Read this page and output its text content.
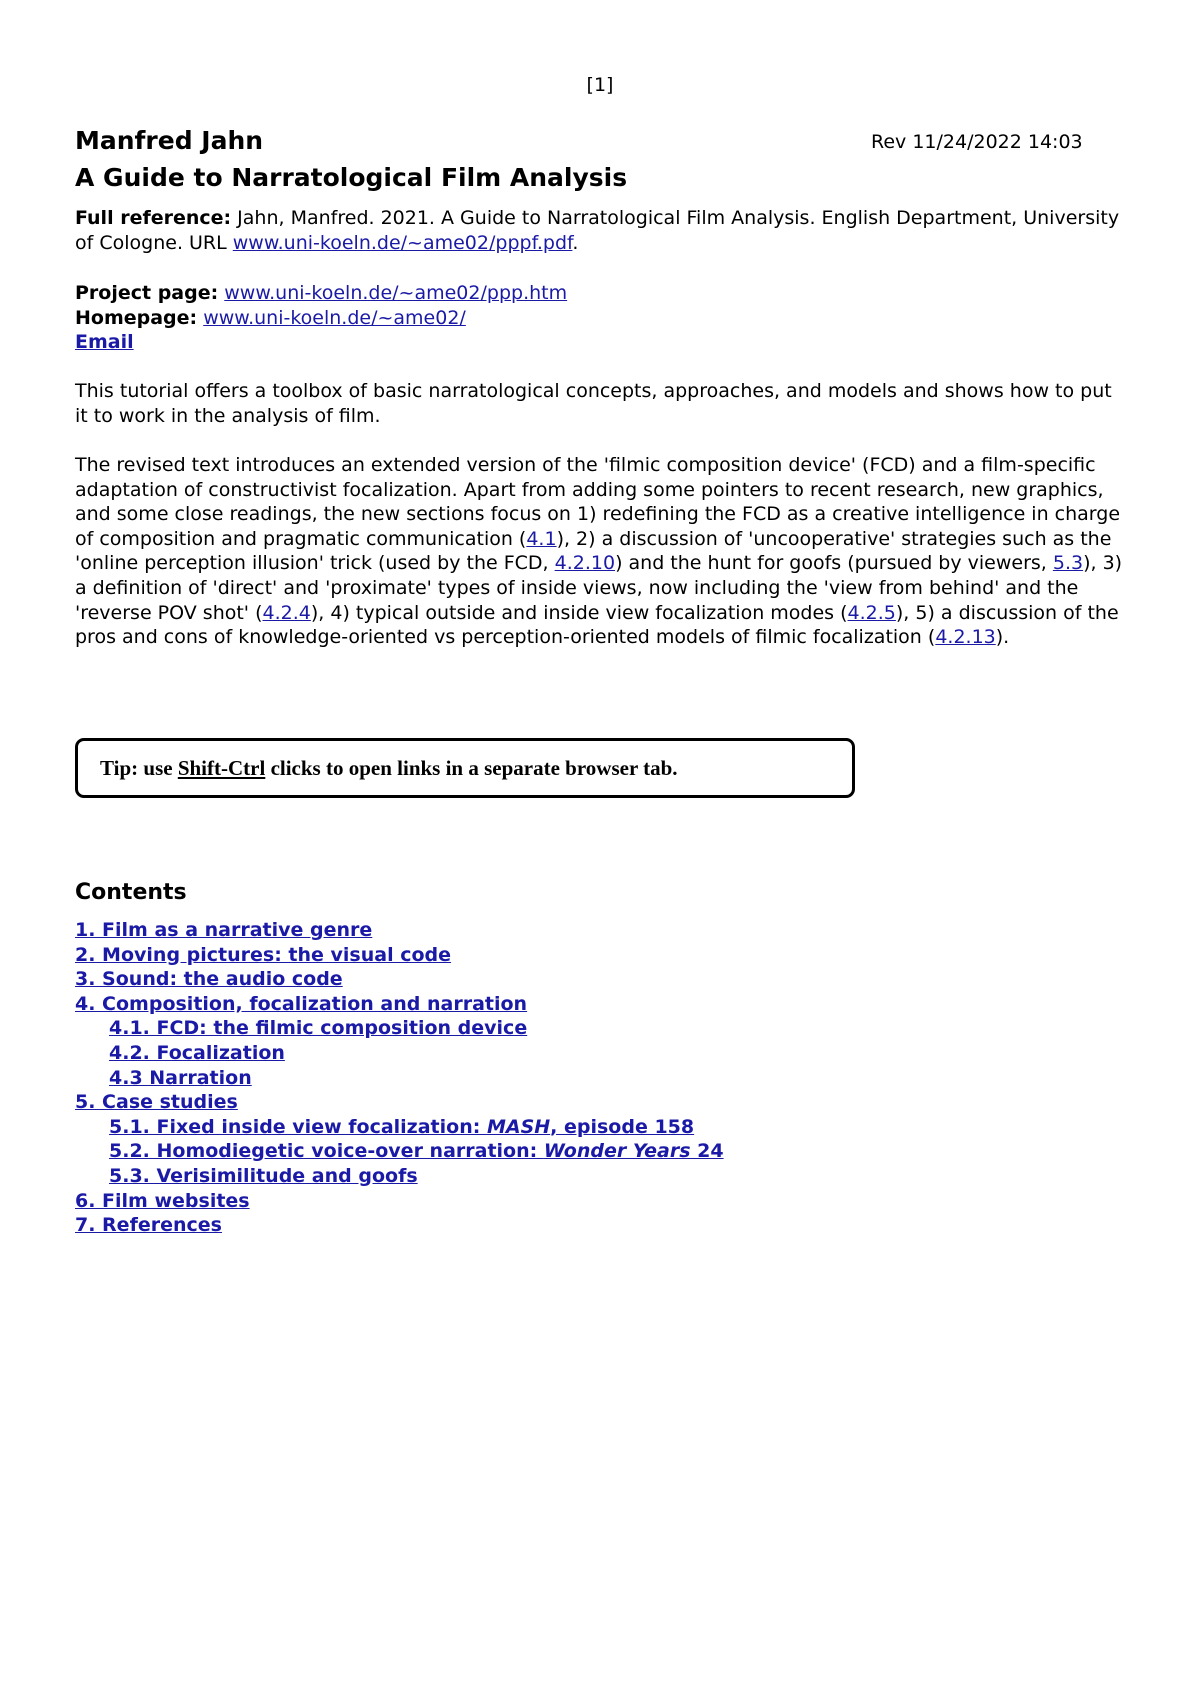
[1]
Manfred Jahn	Rev 11/24/2022 14:03
A Guide to Narratological Film Analysis
Full reference: Jahn, Manfred. 2021. A Guide to Narratological Film Analysis. English Department, University of Cologne. URL www.uni-koeln.de/~ame02/pppf.pdf.
Project page: www.uni-koeln.de/~ame02/ppp.htm
Homepage: www.uni-koeln.de/~ame02/
Email
This tutorial offers a toolbox of basic narratological concepts, approaches, and models and shows how to put it to work in the analysis of film.
The revised text introduces an extended version of the 'filmic composition device' (FCD) and a film-specific adaptation of constructivist focalization. Apart from adding some pointers to recent research, new graphics, and some close readings, the new sections focus on 1) redefining the FCD as a creative intelligence in charge of composition and pragmatic communication (4.1), 2) a discussion of 'uncooperative' strategies such as the 'online perception illusion' trick (used by the FCD, 4.2.10) and the hunt for goofs (pursued by viewers, 5.3), 3) a definition of 'direct' and 'proximate' types of inside views, now including the 'view from behind' and the 'reverse POV shot' (4.2.4), 4) typical outside and inside view focalization modes (4.2.5), 5) a discussion of the pros and cons of knowledge-oriented vs perception-oriented models of filmic focalization (4.2.13).
Tip: use Shift-Ctrl clicks to open links in a separate browser tab.
Contents
1. Film as a narrative genre
2. Moving pictures: the visual code
3. Sound: the audio code
4. Composition, focalization and narration
4.1. FCD: the filmic composition device
4.2. Focalization
4.3 Narration
5. Case studies
5.1. Fixed inside view focalization: MASH, episode 158
5.2. Homodiegetic voice-over narration: Wonder Years 24
5.3. Verisimilitude and goofs
6. Film websites
7. References
